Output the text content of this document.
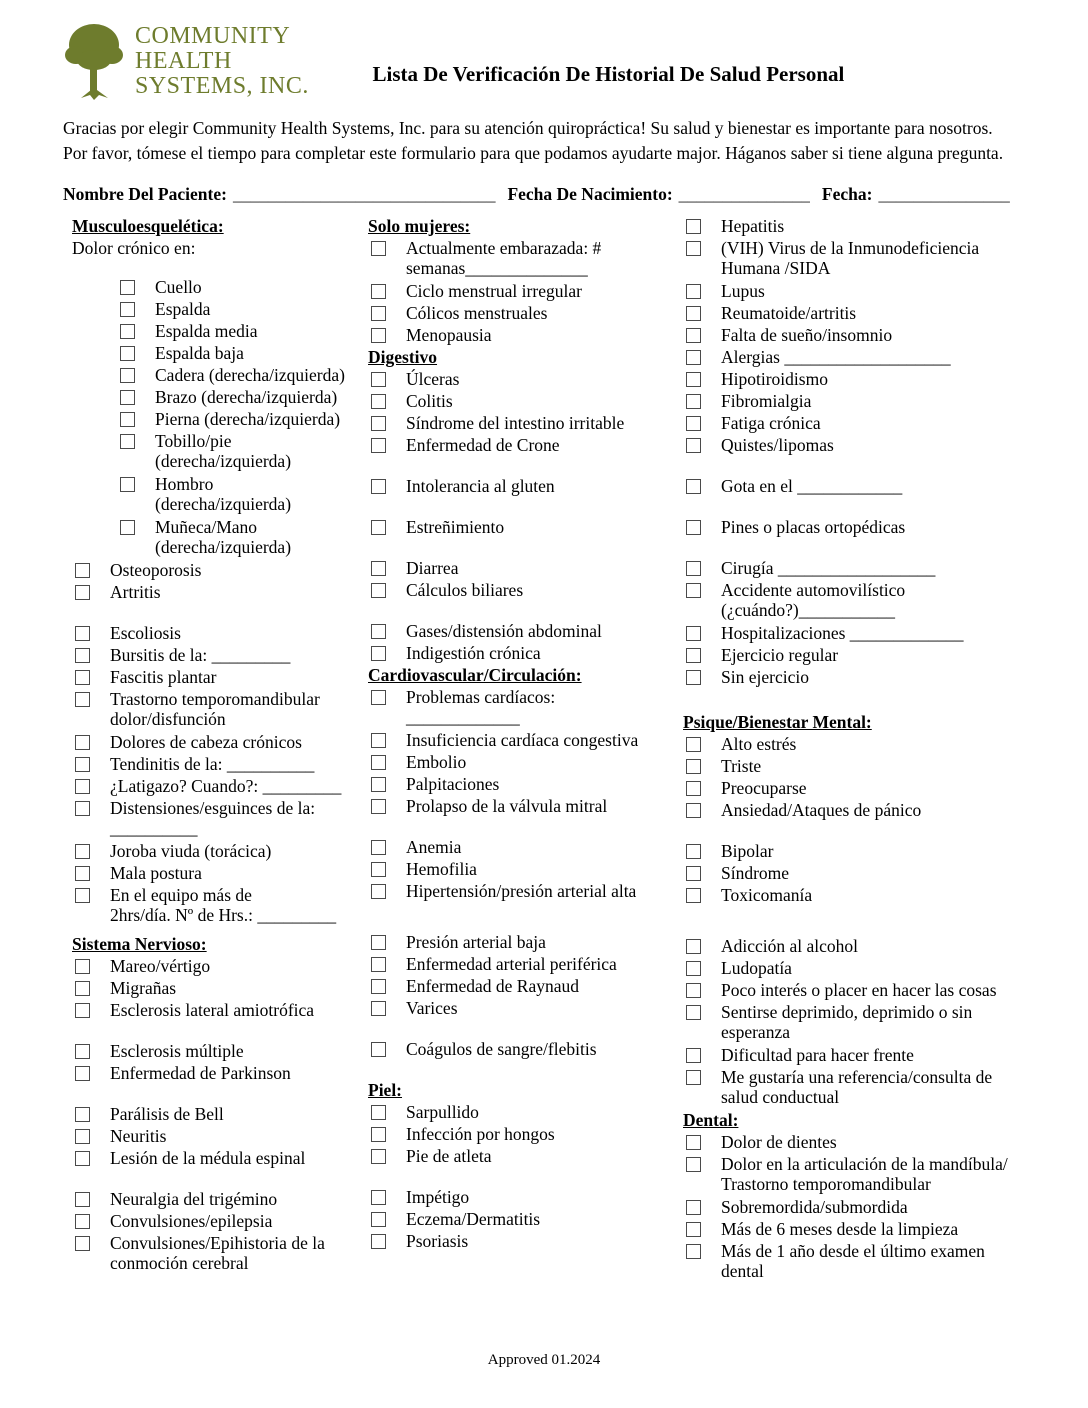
COMMUNITY
HEALTH
SYSTEMS, INC.	Lista De Verificación De Historial De Salud Personal

Gracias por elegir Community Health Systems, Inc. para su atención quiropráctica! Su salud y bienestar es importante para nosotros. Por favor, tómese el tiempo para completar este formulario para que podamos ayudarte major. Háganos saber si tiene alguna pregunta.

Nombre Del Paciente: ______________________________ Fecha De Nacimiento: _______________ Fecha: _______________
Musculoesquelética:
Dolor crónico en:
Cuello
Espalda
Espalda media
Espalda baja
Cadera (derecha/izquierda)
Brazo (derecha/izquierda)
Pierna (derecha/izquierda)
Tobillo/pie
(derecha/izquierda)
Hombro
(derecha/izquierda)
Muñeca/Mano
(derecha/izquierda)
Osteoporosis
Artritis
Escoliosis
Bursitis de la: _________
Fascitis plantar
Trastorno temporomandibular
dolor/disfunción
Dolores de cabeza crónicos
Tendinitis de la: __________
¿Latigazo? Cuando?: _________
Distensiones/esguinces de la:
__________
Joroba viuda (torácica)
Mala postura
En el equipo más de
2hrs/día. Nº de Hrs.: _________
Sistema Nervioso:
Mareo/vértigo
Migrañas
Esclerosis lateral amiotrófica
Esclerosis múltiple
Enfermedad de Parkinson
Parálisis de Bell
Neuritis
Lesión de la médula espinal
Neuralgia del trigémino
Convulsiones/epilepsia
Convulsiones/Epihistoria de la
conmoción cerebral
Solo mujeres:
Actualmente embarazada: #
semanas______________
Ciclo menstrual irregular
Cólicos menstruales
Menopausia
Digestivo
Úlceras
Colitis
Síndrome del intestino irritable
Enfermedad de Crone
Intolerancia al gluten
Estreñimiento
Diarrea
Cálculos biliares
Gases/distensión abdominal
Indigestión crónica
Cardiovascular/Circulación:
Problemas cardíacos:
_____________
Insuficiencia cardíaca congestiva
Embolio
Palpitaciones
Prolapso de la válvula mitral
Anemia
Hemofilia
Hipertensión/presión arterial alta
Presión arterial baja
Enfermedad arterial periférica
Enfermedad de Raynaud
Varices
Coágulos de sangre/flebitis
Piel:
Sarpullido
Infección por hongos
Pie de atleta
Impétigo
Eczema/Dermatitis
Psoriasis
Hepatitis
(VIH) Virus de la Inmunodeficiencia
Humana /SIDA
Lupus
Reumatoide/artritis
Falta de sueño/insomnio
Alergias ___________________
Hipotiroidismo
Fibromialgia
Fatiga crónica
Quistes/lipomas
Gota en el ____________
Pines o placas ortopédicas
Cirugía __________________
Accidente automovilístico
(¿cuándo?)___________
Hospitalizaciones _____________
Ejercicio regular
Sin ejercicio
Psique/Bienestar Mental:
Alto estrés
Triste
Preocuparse
Ansiedad/Ataques de pánico
Bipolar
Síndrome
Toxicomanía
Adicción al alcohol
Ludopatía
Poco interés o placer en hacer las cosas
Sentirse deprimido, deprimido o sin
esperanza
Dificultad para hacer frente
Me gustaría una referencia/consulta de
salud conductual
Dental:
Dolor de dientes
Dolor en la articulación de la mandíbula/
Trastorno temporomandibular
Sobremordida/submordida
Más de 6 meses desde la limpieza
Más de 1 año desde el último examen
dental
Approved 01.2024
